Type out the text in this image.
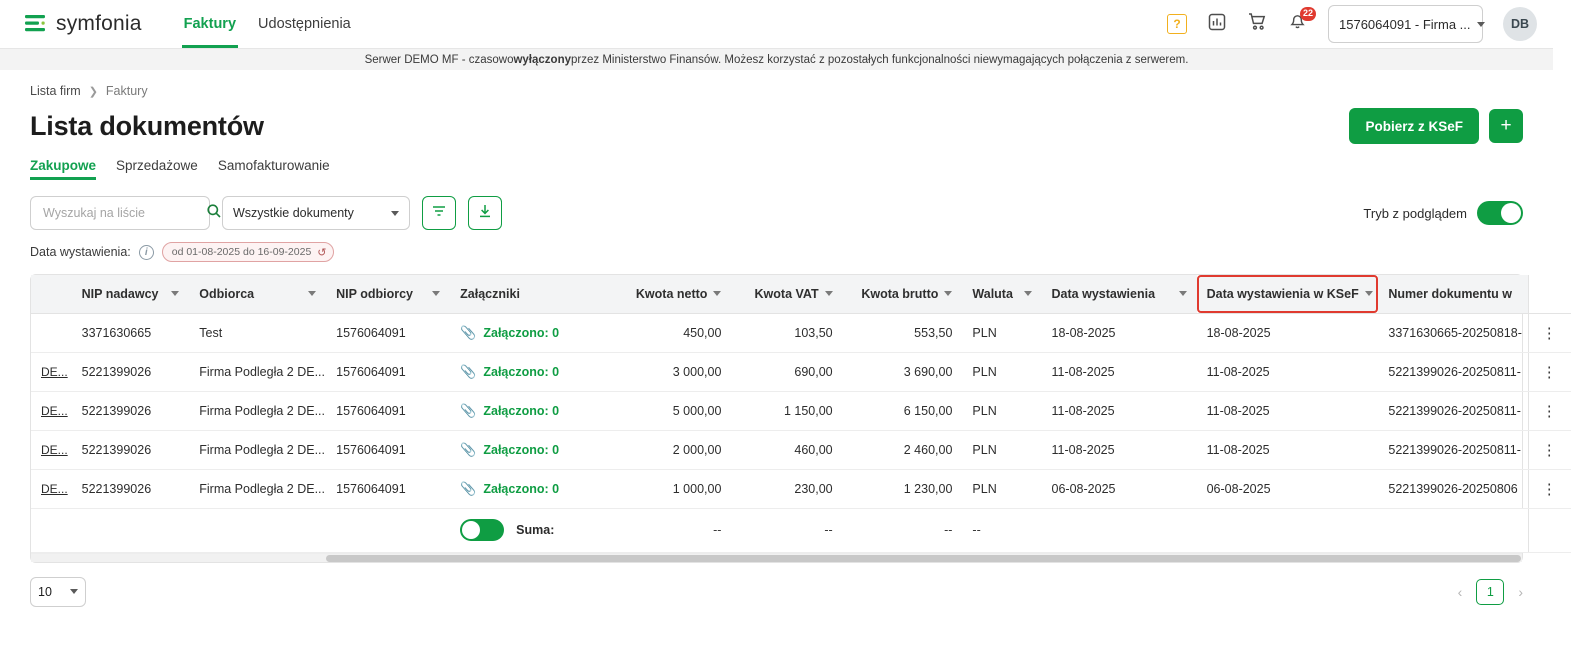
symfonia	Faktury Udostępnienia	?
22
1576064091 - Firma ...	DB
Serwer DEMO MF - czasowo wyłączony przez Ministerstwo Finansów. Możesz korzystać z pozostałych funkcjonalności niewymagających połączenia z serwerem.
Lista firm ❯ Faktury
Lista dokumentów	Pobierz z KSeF	+
Zakupowe Sprzedażowe Samofakturowanie
Wyszukaj na liście
Wszystkie dokumenty	Tryb z podglądem
Data wystawienia:	i	od 01-08-2025 do 16-09-2025 ↺

	NIP nadawcy	Odbiorca	NIP odbiorcy	Załączniki	Kwota netto	Kwota VAT	Kwota brutto	Waluta	Data wystawienia	Data wystawienia w KSeF	Numer dokumentu w	

	3371630665	Test	1576064091	📎 Załączono: 0	450,00	103,50	553,50	PLN	18-08-2025	18-08-2025	3371630665-20250818-	⋮
DE...	5221399026	Firma Podległa 2 DE...	1576064091	📎 Załączono: 0	3 000,00	690,00	3 690,00	PLN	11-08-2025	11-08-2025	5221399026-20250811-	⋮
DE...	5221399026	Firma Podległa 2 DE...	1576064091	📎 Załączono: 0	5 000,00	1 150,00	6 150,00	PLN	11-08-2025	11-08-2025	5221399026-20250811-	⋮
DE...	5221399026	Firma Podległa 2 DE...	1576064091	📎 Załączono: 0	2 000,00	460,00	2 460,00	PLN	11-08-2025	11-08-2025	5221399026-20250811-	⋮
DE...	5221399026	Firma Podległa 2 DE...	1576064091	📎 Załączono: 0	1 000,00	230,00	1 230,00	PLN	06-08-2025	06-08-2025	5221399026-20250806	⋮

				Suma:	--	--	--	--				
10	‹	1	›
